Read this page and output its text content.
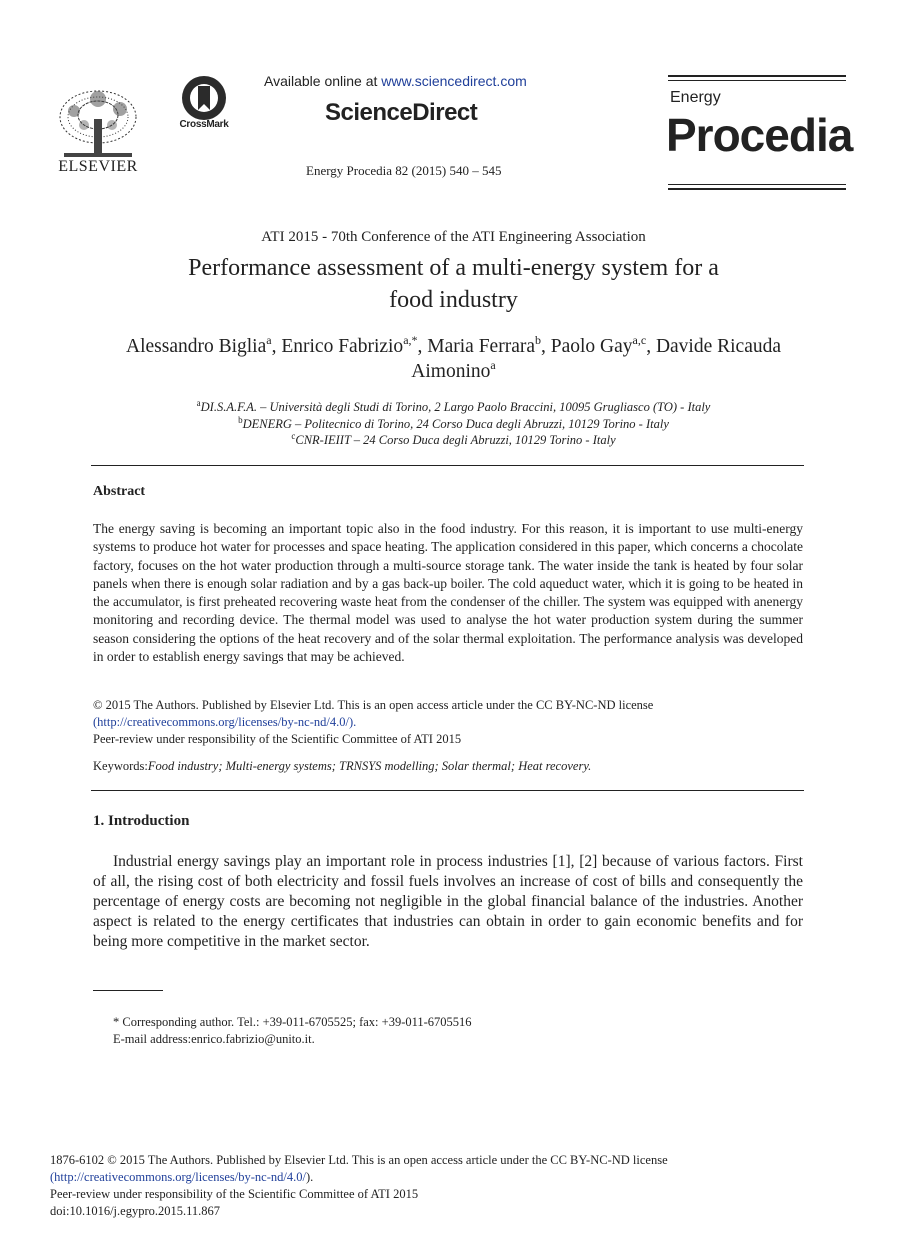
ELSEVIER
CrossMark
Available online at www.sciencedirect.com
ScienceDirect
Energy Procedia 82 (2015) 540 – 545
Energy
Procedia
ATI 2015 - 70th Conference of the ATI Engineering Association
Performance assessment of a multi-energy system for a
food industry
Alessandro Biglia$^a$, Enrico Fabrizio$^{a,*}$, Maria Ferrara$^b$, Paolo Gay$^{a,c}$, Davide Ricauda Aimonino$^a$
$^a$DI.S.A.F.A. – Università degli Studi di Torino, 2 Largo Paolo Braccini, 10095 Grugliasco (TO) - Italy
$^b$DENERG – Politecnico di Torino, 24 Corso Duca degli Abruzzi, 10129 Torino - Italy
$^c$CNR-IEIIT – 24 Corso Duca degli Abruzzi, 10129 Torino - Italy
Abstract
The energy saving is becoming an important topic also in the food industry. For this reason, it is important to use multi-energy systems to produce hot water for processes and space heating. The application considered in this paper, which concerns a chocolate factory, focuses on the hot water production through a multi-source storage tank. The water inside the tank is heated by four solar panels when there is enough solar radiation and by a gas back-up boiler. The cold aqueduct water, which it is going to be heated in the accumulator, is first preheated recovering waste heat from the condenser of the chiller. The system was equipped with anenergy monitoring and recording device. The thermal model was used to analyse the hot water production system during the summer season considering the options of the heat recovery and of the solar thermal exploitation. The performance analysis was developed in order to establish energy savings that may be achieved.
© 2015 The Authors. Published by Elsevier Ltd. This is an open access article under the CC BY-NC-ND license
(http://creativecommons.org/licenses/by-nc-nd/4.0/).
Peer-review under responsibility of the Scientific Committee of ATI 2015
Keywords:Food industry; Multi-energy systems; TRNSYS modelling; Solar thermal; Heat recovery.
1. Introduction
Industrial energy savings play an important role in process industries [1], [2] because of various factors. First of all, the rising cost of both electricity and fossil fuels involves an increase of cost of bills and consequently the percentage of energy costs are becoming not negligible in the global financial balance of the industries. Another aspect is related to the energy certificates that industries can obtain in order to gain economic benefits and for being more competitive in the market sector.
* Corresponding author. Tel.: +39-011-6705525; fax: +39-011-6705516
E-mail address:enrico.fabrizio@unito.it.
1876-6102 © 2015 The Authors. Published by Elsevier Ltd. This is an open access article under the CC BY-NC-ND license
(http://creativecommons.org/licenses/by-nc-nd/4.0/).
Peer-review under responsibility of the Scientific Committee of ATI 2015
doi:10.1016/j.egypro.2015.11.867
